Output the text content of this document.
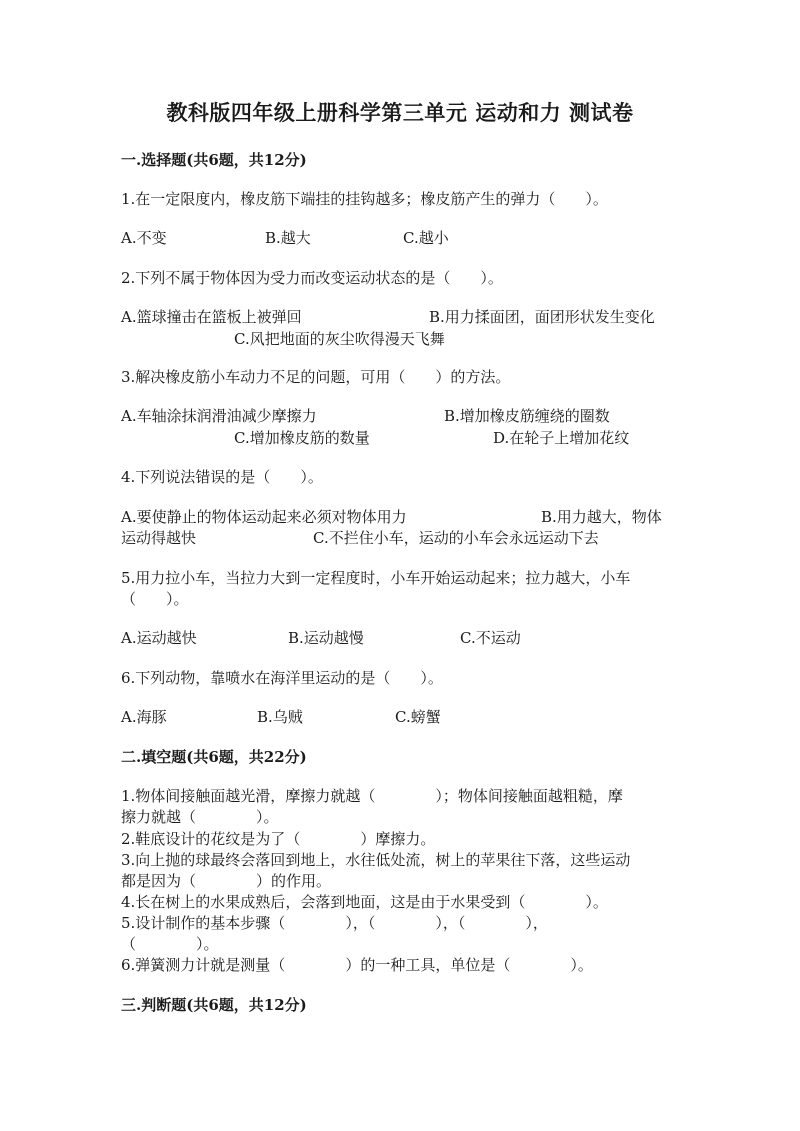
教科版四年级上册科学第三单元 运动和力 测试卷
一.选择题(共6题，共12分)
1.在一定限度内，橡皮筋下端挂的挂钩越多；橡皮筋产生的弹力（　　）。
A.不变	B.越大	C.越小
2.下列不属于物体因为受力而改变运动状态的是（　　）。
A.篮球撞击在篮板上被弹回	B.用力揉面团，面团形状发生变化
C.风把地面的灰尘吹得漫天飞舞
3.解决橡皮筋小车动力不足的问题，可用（　　）的方法。
A.车轴涂抹润滑油减少摩擦力	B.增加橡皮筋缠绕的圈数
C.增加橡皮筋的数量	D.在轮子上增加花纹
4.下列说法错误的是（　　）。
A.要使静止的物体运动起来必须对物体用力	B.用力越大，物体
运动得越快	C.不拦住小车，运动的小车会永远运动下去
5.用力拉小车，当拉力大到一定程度时，小车开始运动起来；拉力越大，小车
（　　）。
A.运动越快	B.运动越慢	C.不运动
6.下列动物，靠喷水在海洋里运动的是（　　）。
A.海豚	B.乌贼	C.螃蟹
二.填空题(共6题，共22分)
1.物体间接触面越光滑，摩擦力就越（　　　　）；物体间接触面越粗糙，摩
擦力就越（　　　　）。
2.鞋底设计的花纹是为了（　　　　）摩擦力。
3.向上抛的球最终会落回到地上，水往低处流，树上的苹果往下落，这些运动
都是因为（　　　　）的作用。
4.长在树上的水果成熟后，会落到地面，这是由于水果受到（　　　　）。
5.设计制作的基本步骤（　　　　），（　　　　），（　　　　），
（　　　　）。
6.弹簧测力计就是测量（　　　　）的一种工具，单位是（　　　　）。
三.判断题(共6题，共12分)
